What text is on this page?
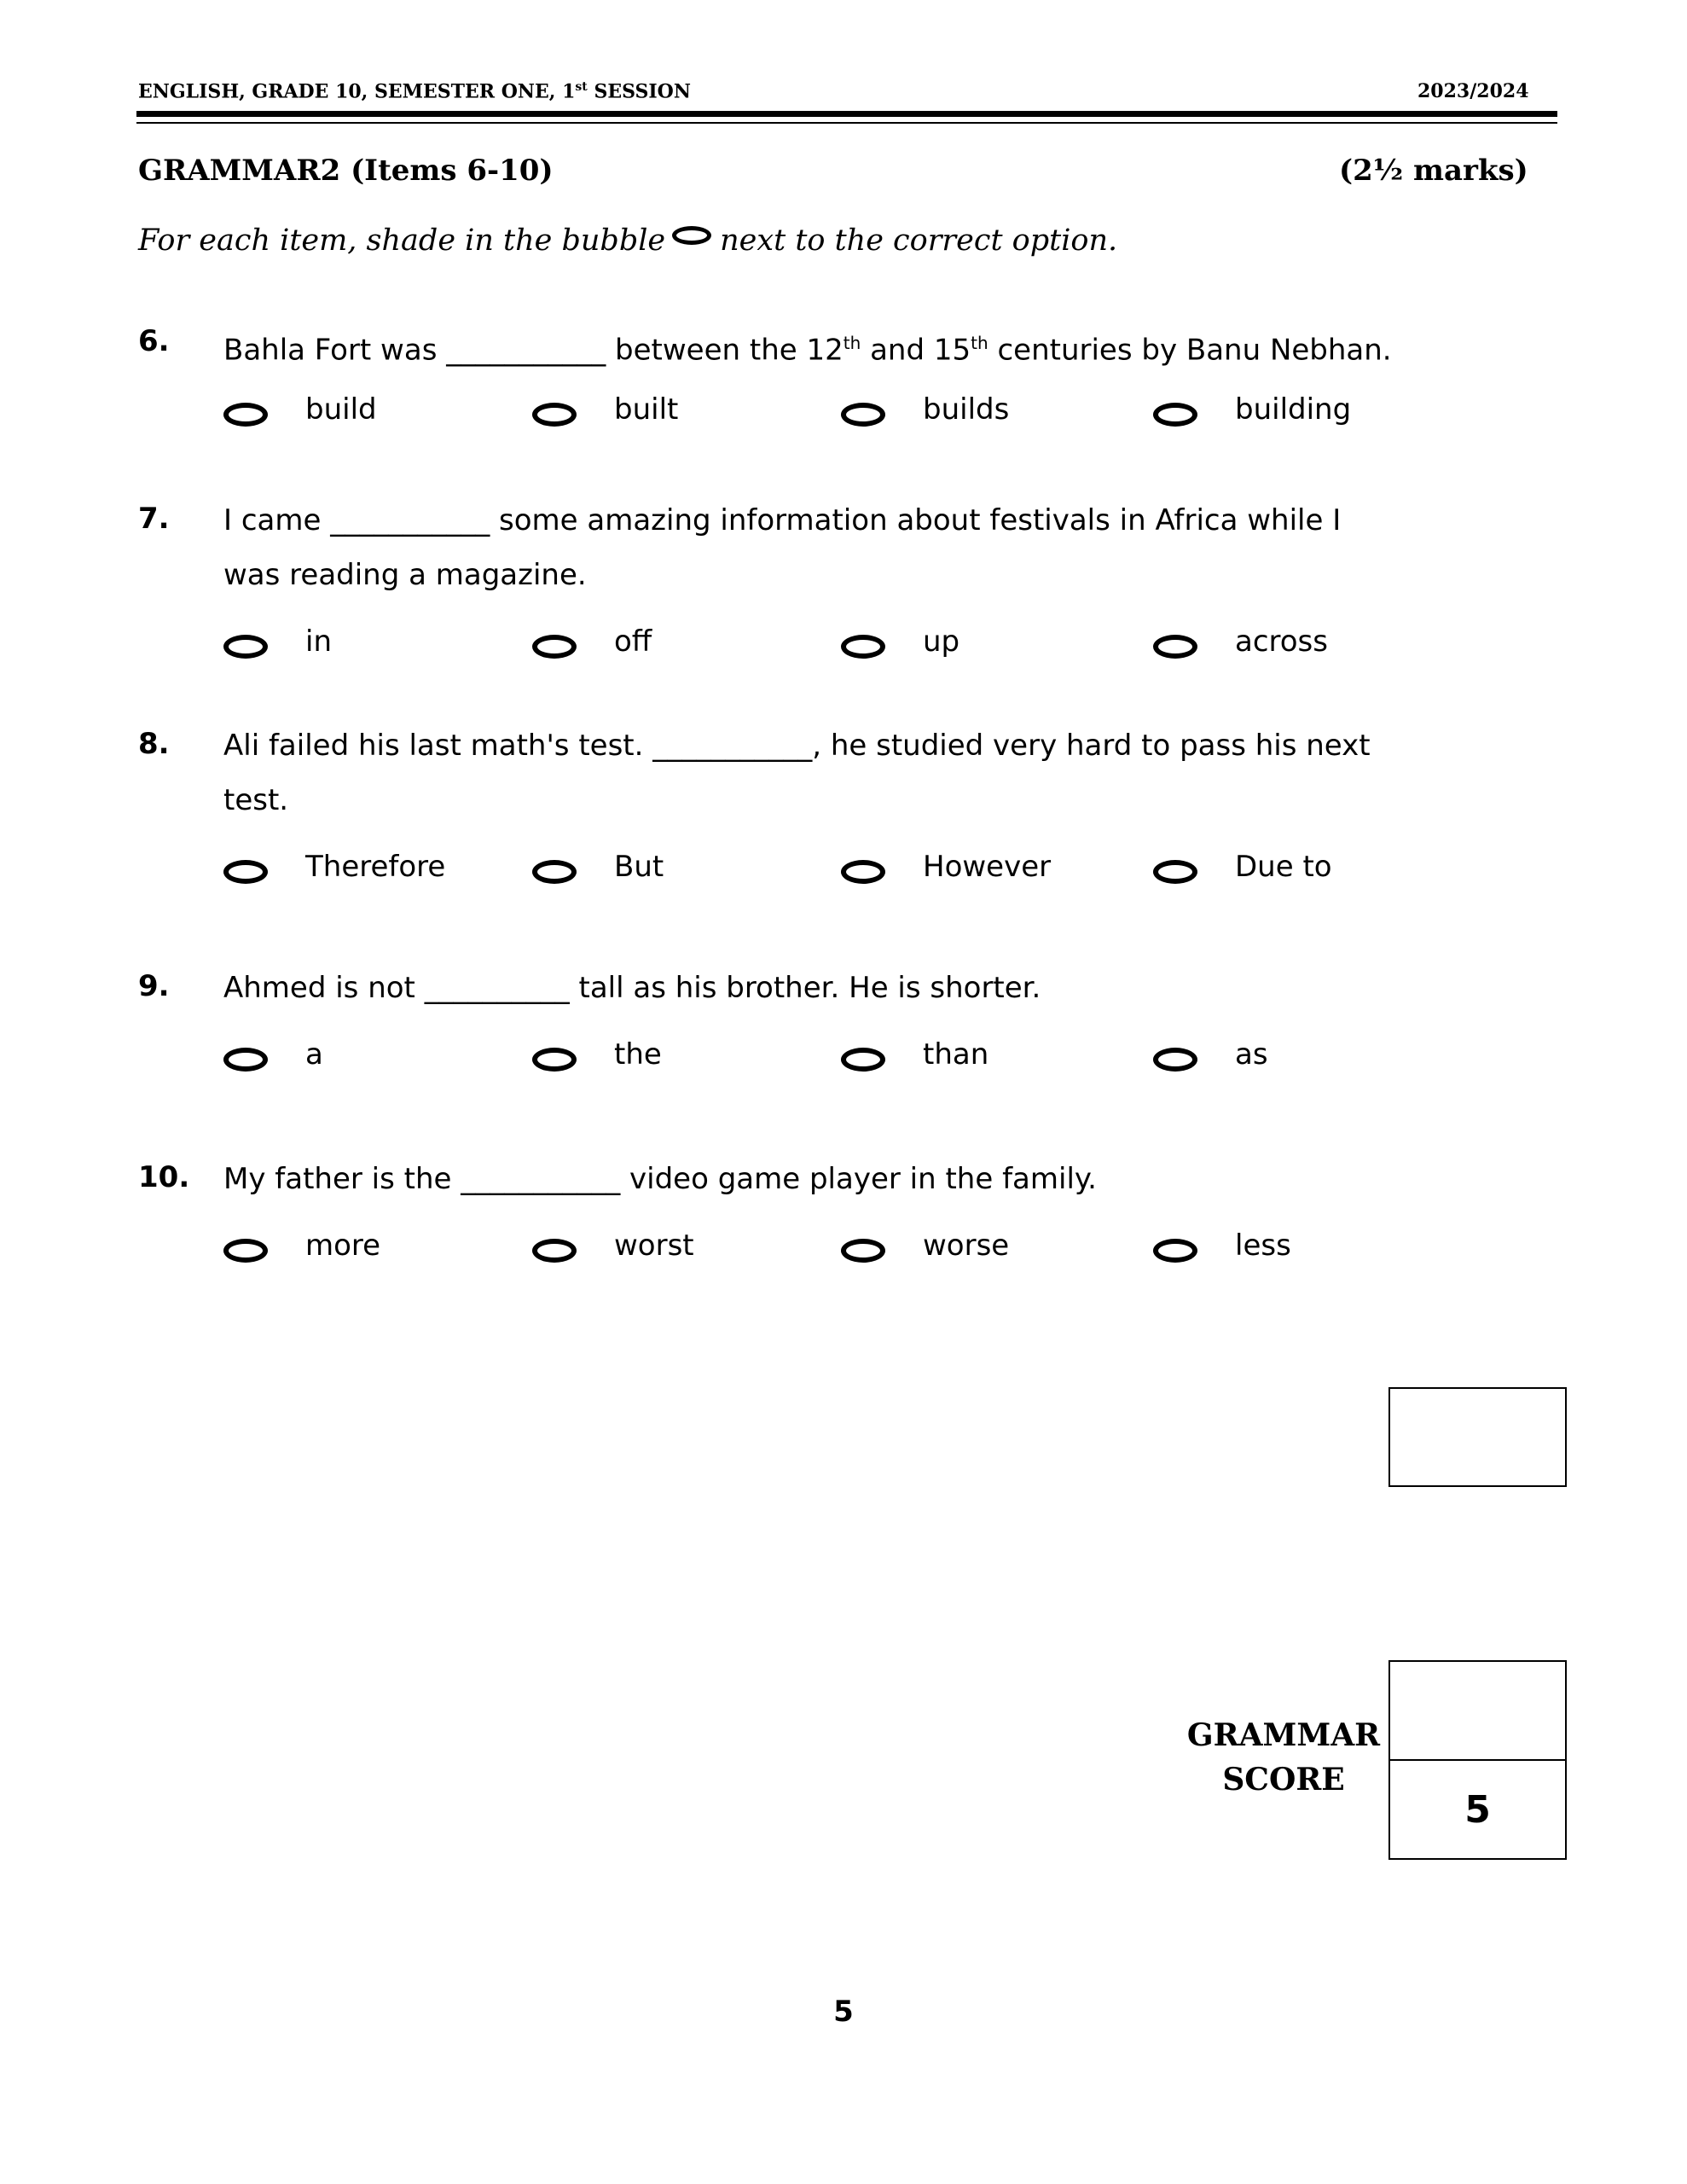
ENGLISH, GRADE 10, SEMESTER ONE, 1st SESSION	2023/2024
GRAMMAR2 (Items 6-10)	(2½ marks)
For each item, shade in the bubble next to the correct option.
6. Bahla Fort was ___________ between the 12th and 15th centuries by Banu Nebhan.
build	built	builds	building
7. I came ___________ some amazing information about festivals in Africa while I
was reading a magazine.
in	off	up	across
8. Ali failed his last math's test. ___________, he studied very hard to pass his next
test.
Therefore	But	However	Due to
9. Ahmed is not __________ tall as his brother. He is shorter.
a	the	than	as
10. My father is the ___________ video game player in the family.
more	worst	worse	less
GRAMMAR
SCORE
5
5
